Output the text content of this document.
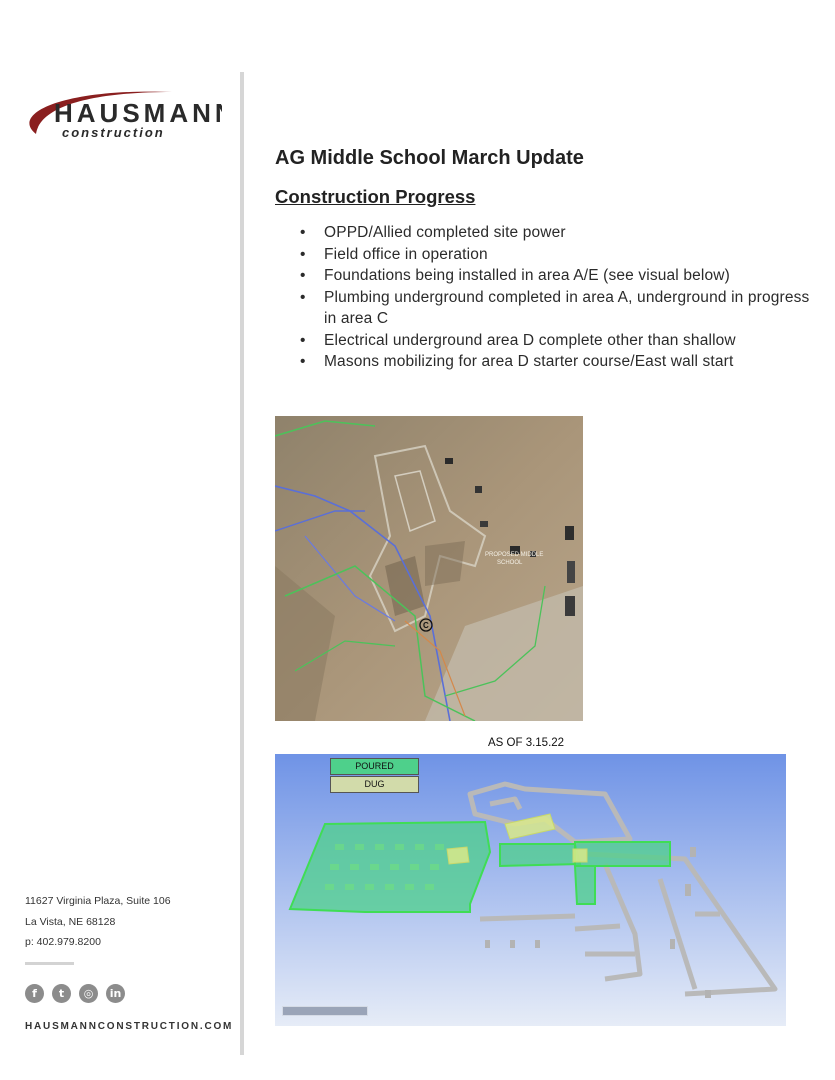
HAUSMANN
construction
11627 Virginia Plaza, Suite 106
La Vista, NE 68128
p: 402.979.8200
f	t	◎	in
HAUSMANNCONSTRUCTION.COM
AG Middle School March Update
Construction Progress
• OPPD/Allied completed site power
• Field office in operation
• Foundations being installed in area A/E (see visual below)
• Plumbing underground completed in area A, underground in progress in area C
• Electrical underground area D complete other than shallow
• Masons mobilizing for area D starter course/East wall start
PROPOSED MIDDLE
SCHOOL
C
AS OF 3.15.22
POURED
DUG
